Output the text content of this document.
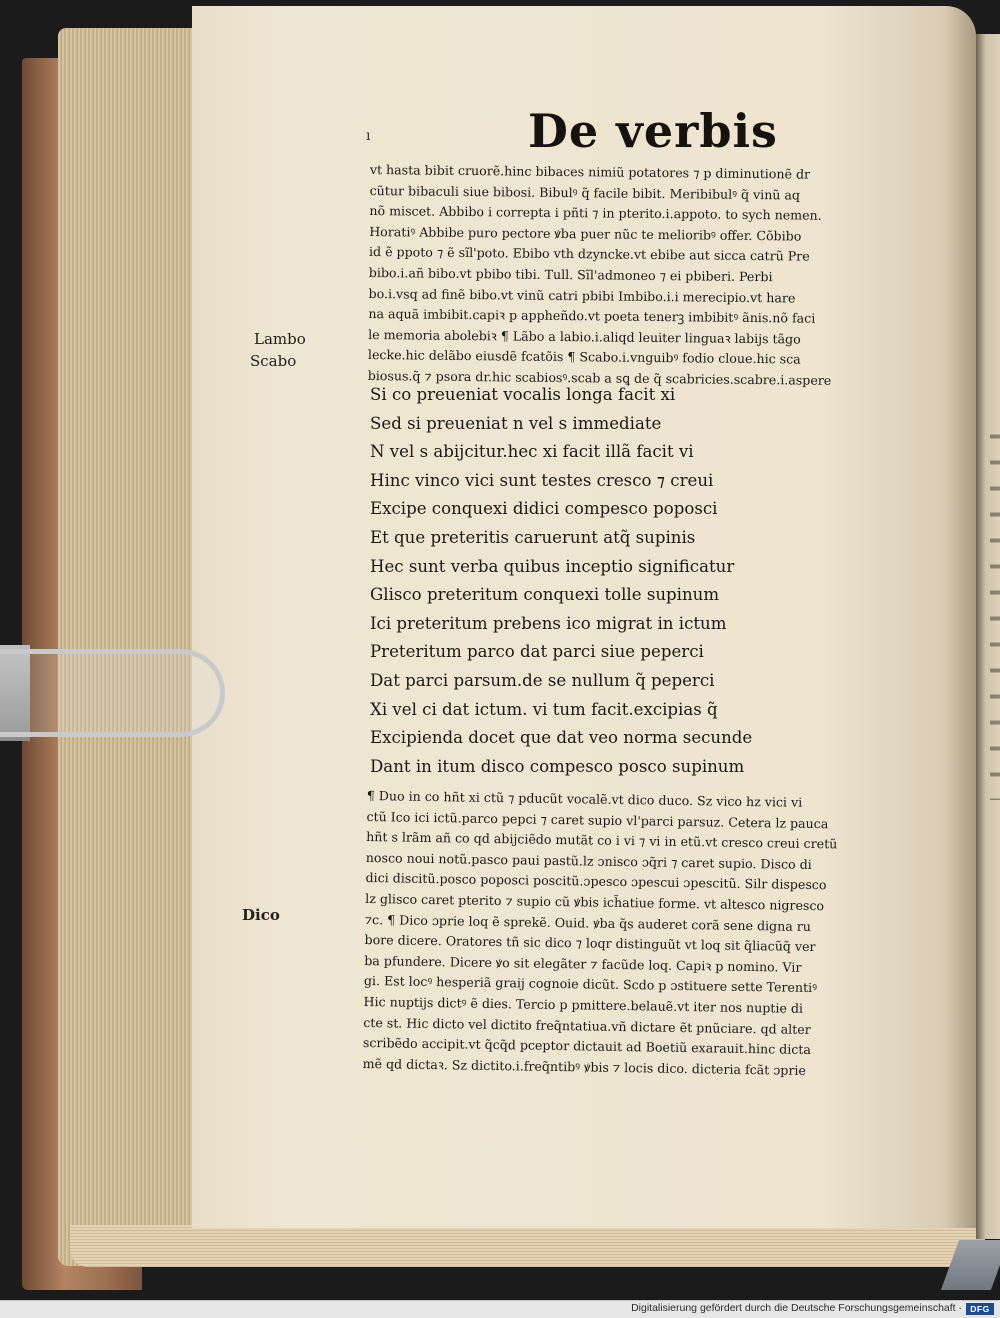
ı	De verbis
vt hasta bibit cruorẽ.hinc bibaces nimiũ potatores ⁊ p diminutionẽ dr
cũtur bibaculi siue bibosi. Bibulꝰ q̃ facile bibit. Meribibulꝰ q̃ vinũ aq
nõ miscet. Abbibo i correpta i pñti ⁊ in pterito.i.appoto. to sych nemen.
Horatiꝰ Abbibe puro pectore ꝟba puer nũc te melioribꝰ offer. Cõbibo
id ẽ ppoto ⁊ ẽ sĩl'poto. Ebibo vth dzyncke.vt ebibe aut sicca catrũ Pre
bibo.i.añ bibo.vt pbibo tibi. Tull. Sĩl'admoneo ⁊ ei pbiberi. Perbi
bo.i.vsq ad finẽ bibo.vt vinũ catri pbibi Imbibo.i.i merecipio.vt hare
na aquã imbibit.capiꝛ p appheñdo.vt poeta tenerꝫ imbibitꝰ ãnis.nõ faci
le memoria abolebiꝛ ¶ Lãbo a labio.i.aliqd leuiter linguaꝛ labijs tãgo
lecke.hic delãbo eiusdẽ fcatõis ¶ Scabo.i.vnguibꝰ fodio cloue.hic sca
biosus.q̃ ⁊ psora dr.hic scabiosꝰ.scab a sꝗ de q̃ scabricies.scabre.i.aspere
Si co preueniat vocalis longa facit xi
Sed si preueniat n vel s immediate
N vel s abijcitur.hec xi facit illã facit vi
Hinc vinco vici sunt testes cresco ⁊ creui
Excipe conquexi didici compesco poposci
Et que preteritis caruerunt atq̃ supinis
Hec sunt verba quibus inceptio significatur
Glisco preteritum conquexi tolle supinum
Ici preteritum prebens ico migrat in ictum
Preteritum parco dat parci siue peperci
Dat parci parsum.de se nullum q̃ peperci
Xi vel ci dat ictum. vi tum facit.excipias q̃
Excipienda docet que dat veo norma secunde
Dant in itum disco compesco posco supinum
¶ Duo in co hñt xi ctũ ⁊ pducũt vocalẽ.vt dico duco. Sz vico hz vici vi
ctũ Ico ici ictũ.parco pepci ⁊ caret supio vl'parci parsuz. Cetera lz pauca
hñt s lrãm añ co qd abijciẽdo mutãt co i vi ⁊ vi in etũ.vt cresco creui cretũ
nosco noui notũ.pasco paui pastũ.lz ɔnisco ɔq̃ri ⁊ caret supio. Disco di
dici discitũ.posco poposci poscitũ.ɔpesco ɔpescui ɔpescitũ. Silr dispesco
lz glisco caret pterito ⁊ supio cũ ꝟbis ich̃atiue forme. vt altesco nigresco
⁊c. ¶ Dico ɔprie loq ẽ sprekẽ. Ouid. ꝟba q̃s auderet corã sene digna ru
bore dicere. Oratores tñ sic dico ⁊ loqr distinguũt vt loq sit q̃liacũq̃ ver
ba pfundere. Dicere ꝟo sit elegãter ⁊ facũde loq. Capiꝛ p nomino. Vir
gi. Est locꝰ hesperiã graij cognoie dicũt. Scdo p ɔstituere sette Terentiꝰ
Hic nuptijs dictꝰ ẽ dies. Tercio p pmittere.belauẽ.vt iter nos nuptie di
cte st. Hic dicto vel dictito freq̃ntatiua.vñ dictare ẽt pnũciare. qd alter
scribẽdo accipit.vt q̃cq̃d pceptor dictauit ad Boetiũ exarauit.hinc dicta
mẽ qd dictaꝛ. Sz dictito.i.freq̃ntibꝰ ꝟbis ⁊ locis dico. dicteria fcãt ɔprie
Lambo
Scabo
Dico
Digitalisierung gefördert durch die Deutsche Forschungsgemeinschaft · DFG
